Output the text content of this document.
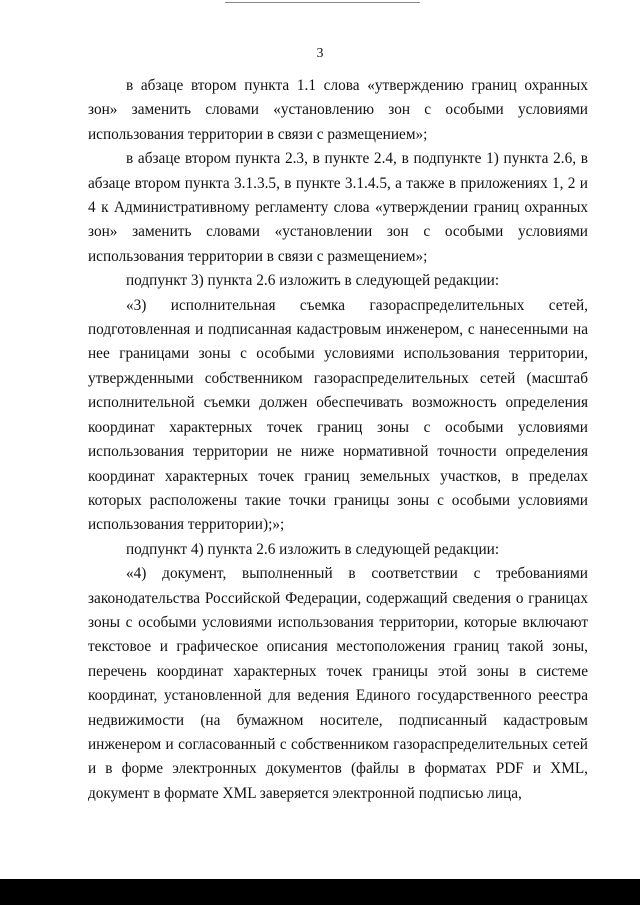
3

в абзаце втором пункта 1.1 слова «утверждению границ охранных зон» заменить словами «установлению зон с особыми условиями использования территории в связи с размещением»;

в абзаце втором пункта 2.3, в пункте 2.4, в подпункте 1) пункта 2.6, в абзаце втором пункта 3.1.3.5, в пункте 3.1.4.5, а также в приложениях 1, 2 и 4 к Административному регламенту слова «утверждении границ охранных зон» заменить словами «установлении зон с особыми условиями использования территории в связи с размещением»;

подпункт 3) пункта 2.6 изложить в следующей редакции:

«3) исполнительная съемка газораспределительных сетей, подготовленная и подписанная кадастровым инженером, с нанесенными на нее границами зоны с особыми условиями использования территории, утвержденными собственником газораспределительных сетей (масштаб исполнительной съемки должен обеспечивать возможность определения координат характерных точек границ зоны с особыми условиями использования территории не ниже нормативной точности определения координат характерных точек границ земельных участков, в пределах которых расположены такие точки границы зоны с особыми условиями использования территории);»;

подпункт 4) пункта 2.6 изложить в следующей редакции:

«4) документ, выполненный в соответствии с требованиями законодательства Российской Федерации, содержащий сведения о границах зоны с особыми условиями использования территории, которые включают текстовое и графическое описания местоположения границ такой зоны, перечень координат характерных точек границы этой зоны в системе координат, установленной для ведения Единого государственного реестра недвижимости (на бумажном носителе, подписанный кадастровым инженером и согласованный с собственником газораспределительных сетей и в форме электронных документов (файлы в форматах PDF и XML, документ в формате XML заверяется электронной подписью лица,
